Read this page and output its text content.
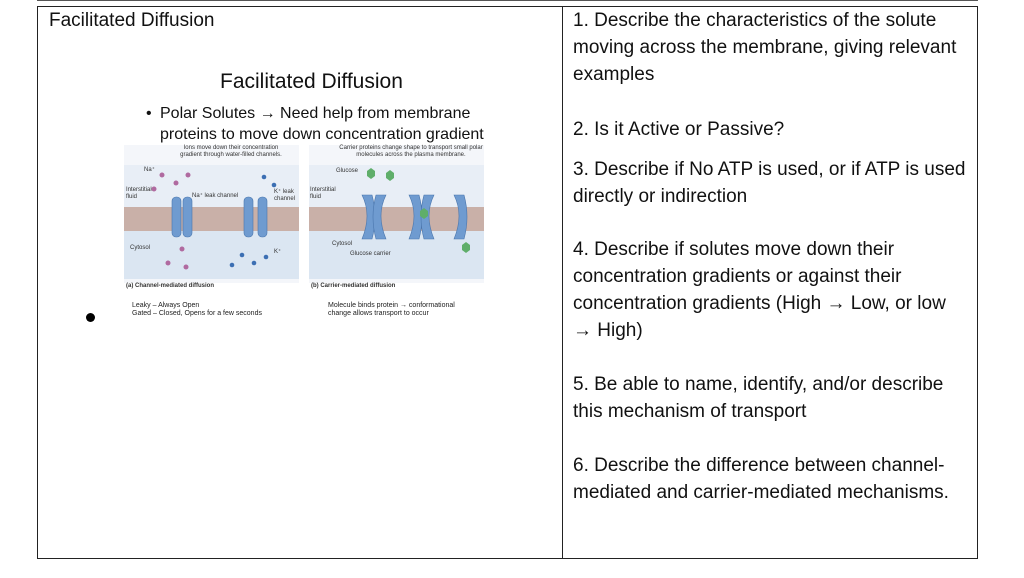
Facilitated Diffusion
Facilitated Diffusion
• Polar Solutes → Need help from membrane
proteins to move down concentration gradient
Ions move down their concentration gradient through water-filled channels.
Carrier proteins change shape to transport small polar molecules across the plasma membrane.
Na⁺	Glucose
Interstitial fluid
Interstitial fluid
Na⁺ leak channel
K⁺ leak channel
Cytosol
Cytosol
K⁺	Glucose carrier
(a) Channel-mediated diffusion	(b) Carrier-mediated diffusion
Leaky – Always Open
Gated – Closed, Opens for a few seconds
Molecule binds protein → conformational
change allows transport to occur
1. Describe the characteristics of the solute moving across the membrane, giving relevant examples
2. Is it Active or Passive?
3. Describe if No ATP is used, or if ATP is used directly or indirection
4. Describe if solutes move down their concentration gradients or against their concentration gradients (High → Low, or low → High)
5. Be able to name, identify, and/or describe this mechanism of transport
6. Describe the difference between channel-mediated and carrier-mediated mechanisms.
